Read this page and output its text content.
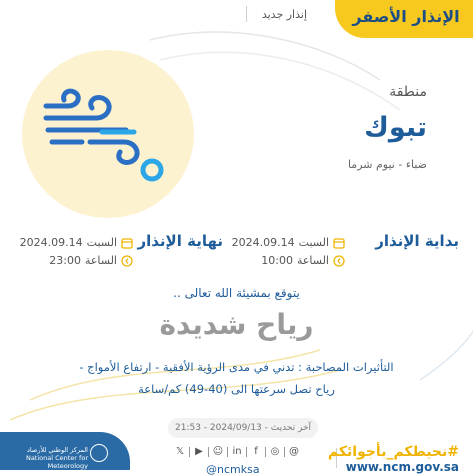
الإنذار الأصفر
إنذار جديد
منطقة
تبوك
ضباء - نيوم شرما
بداية الإنذار
السبت
2024.09.14
الساعة
10:00
نهاية الإنذار
السبت
2024.09.14
الساعة
23:00
يتوقع بمشيئة الله تعالى ..
رياح شديدة
التأثيرات المصاحبة : تدني في مدى الرؤية الأفقية - ارتفاع الأمواج -
رياح تصل سرعتها الى (40-49) كم/ساعة
آخر تحديث - 2024/09/13 - 21:53
المركز الوطني للأرصاد National Center for Meteorology
𝕏 ▶ ☺ in	f	◎ @
@ncmksa
#نحيطكم_بأجوائكم
www.ncm.gov.sa
